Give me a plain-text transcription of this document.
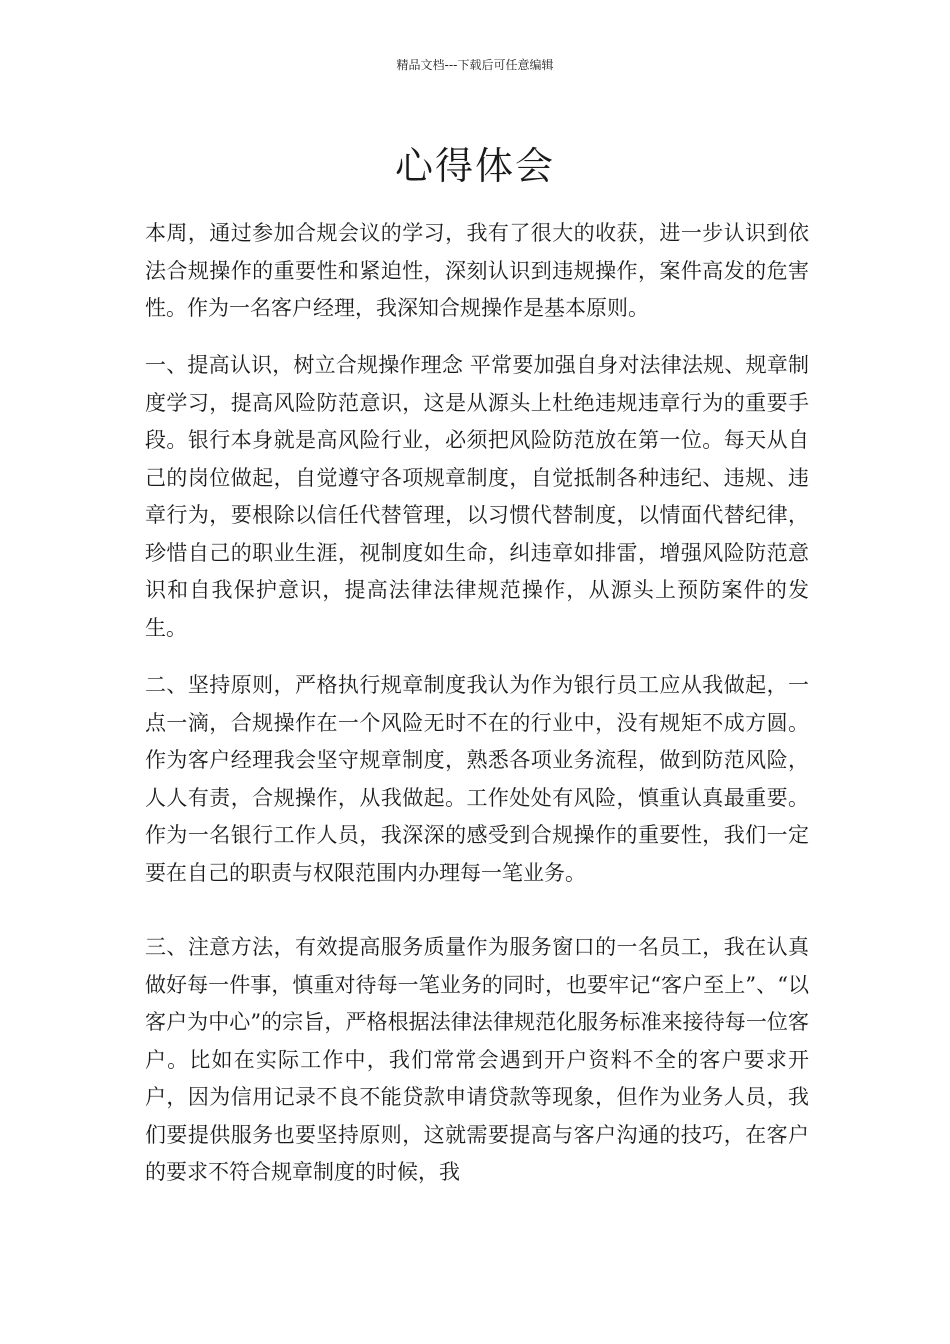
精品文档---下载后可任意编辑
心得体会

本周，通过参加合规会议的学习，我有了很大的收获，进一步认识到依法合规操作的重要性和紧迫性，深刻认识到违规操作，案件高发的危害性。作为一名客户经理，我深知合规操作是基本原则。

一、提高认识，树立合规操作理念 平常要加强自身对法律法规、规章制度学习，提高风险防范意识，这是从源头上杜绝违规违章行为的重要手段。银行本身就是高风险行业，必须把风险防范放在第一位。每天从自己的岗位做起，自觉遵守各项规章制度，自觉抵制各种违纪、违规、违章行为，要根除以信任代替管理，以习惯代替制度，以情面代替纪律，珍惜自己的职业生涯，视制度如生命，纠违章如排雷，增强风险防范意识和自我保护意识，提高法律法律规范操作，从源头上预防案件的发生。

二、坚持原则，严格执行规章制度我认为作为银行员工应从我做起，一点一滴，合规操作在一个风险无时不在的行业中，没有规矩不成方圆。作为客户经理我会坚守规章制度，熟悉各项业务流程，做到防范风险，人人有责，合规操作，从我做起。工作处处有风险，慎重认真最重要。作为一名银行工作人员，我深深的感受到合规操作的重要性，我们一定要在自己的职责与权限范围内办理每一笔业务。

三、注意方法，有效提高服务质量作为服务窗口的一名员工，我在认真做好每一件事，慎重对待每一笔业务的同时，也要牢记“客户至上”、“以客户为中心”的宗旨，严格根据法律法律规范化服务标准来接待每一位客户。比如在实际工作中，我们常常会遇到开户资料不全的客户要求开户，因为信用记录不良不能贷款申请贷款等现象，但作为业务人员，我们要提供服务也要坚持原则，这就需要提高与客户沟通的技巧，在客户的要求不符合规章制度的时候，我
